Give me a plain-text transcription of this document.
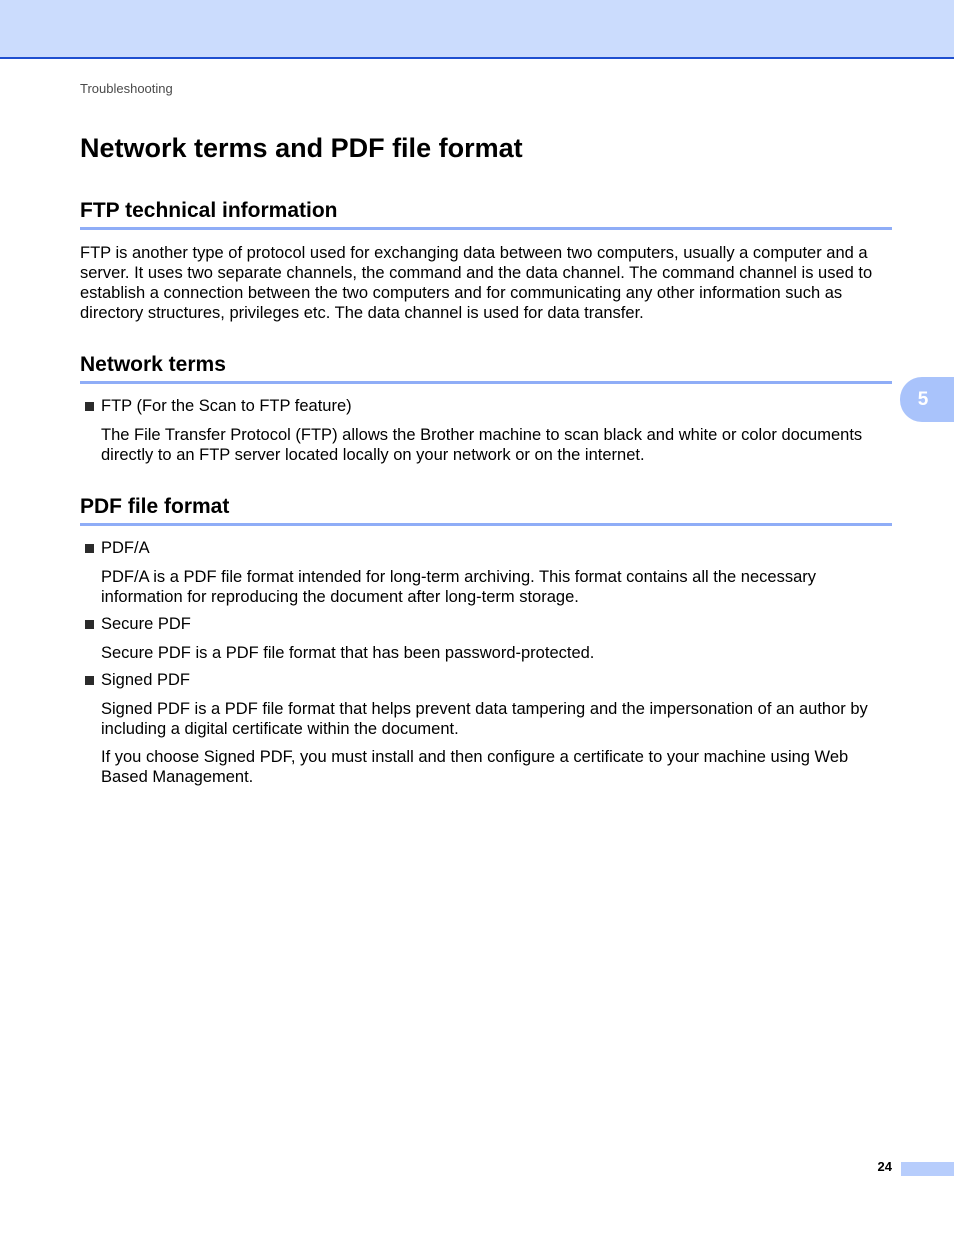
Troubleshooting
Network terms and PDF file format
FTP technical information

FTP is another type of protocol used for exchanging data between two computers, usually a computer and a server. It uses two separate channels, the command and the data channel. The command channel is used to establish a connection between the two computers and for communicating any other information such as directory structures, privileges etc. The data channel is used for data transfer.

Network terms
FTP (For the Scan to FTP feature)

The File Transfer Protocol (FTP) allows the Brother machine to scan black and white or color documents directly to an FTP server located locally on your network or on the internet.

PDF file format
PDF/A

PDF/A is a PDF file format intended for long-term archiving. This format contains all the necessary information for reproducing the document after long-term storage.

Secure PDF

Secure PDF is a PDF file format that has been password-protected.

Signed PDF

Signed PDF is a PDF file format that helps prevent data tampering and the impersonation of an author by including a digital certificate within the document.

If you choose Signed PDF, you must install and then configure a certificate to your machine using Web Based Management.

5
24
